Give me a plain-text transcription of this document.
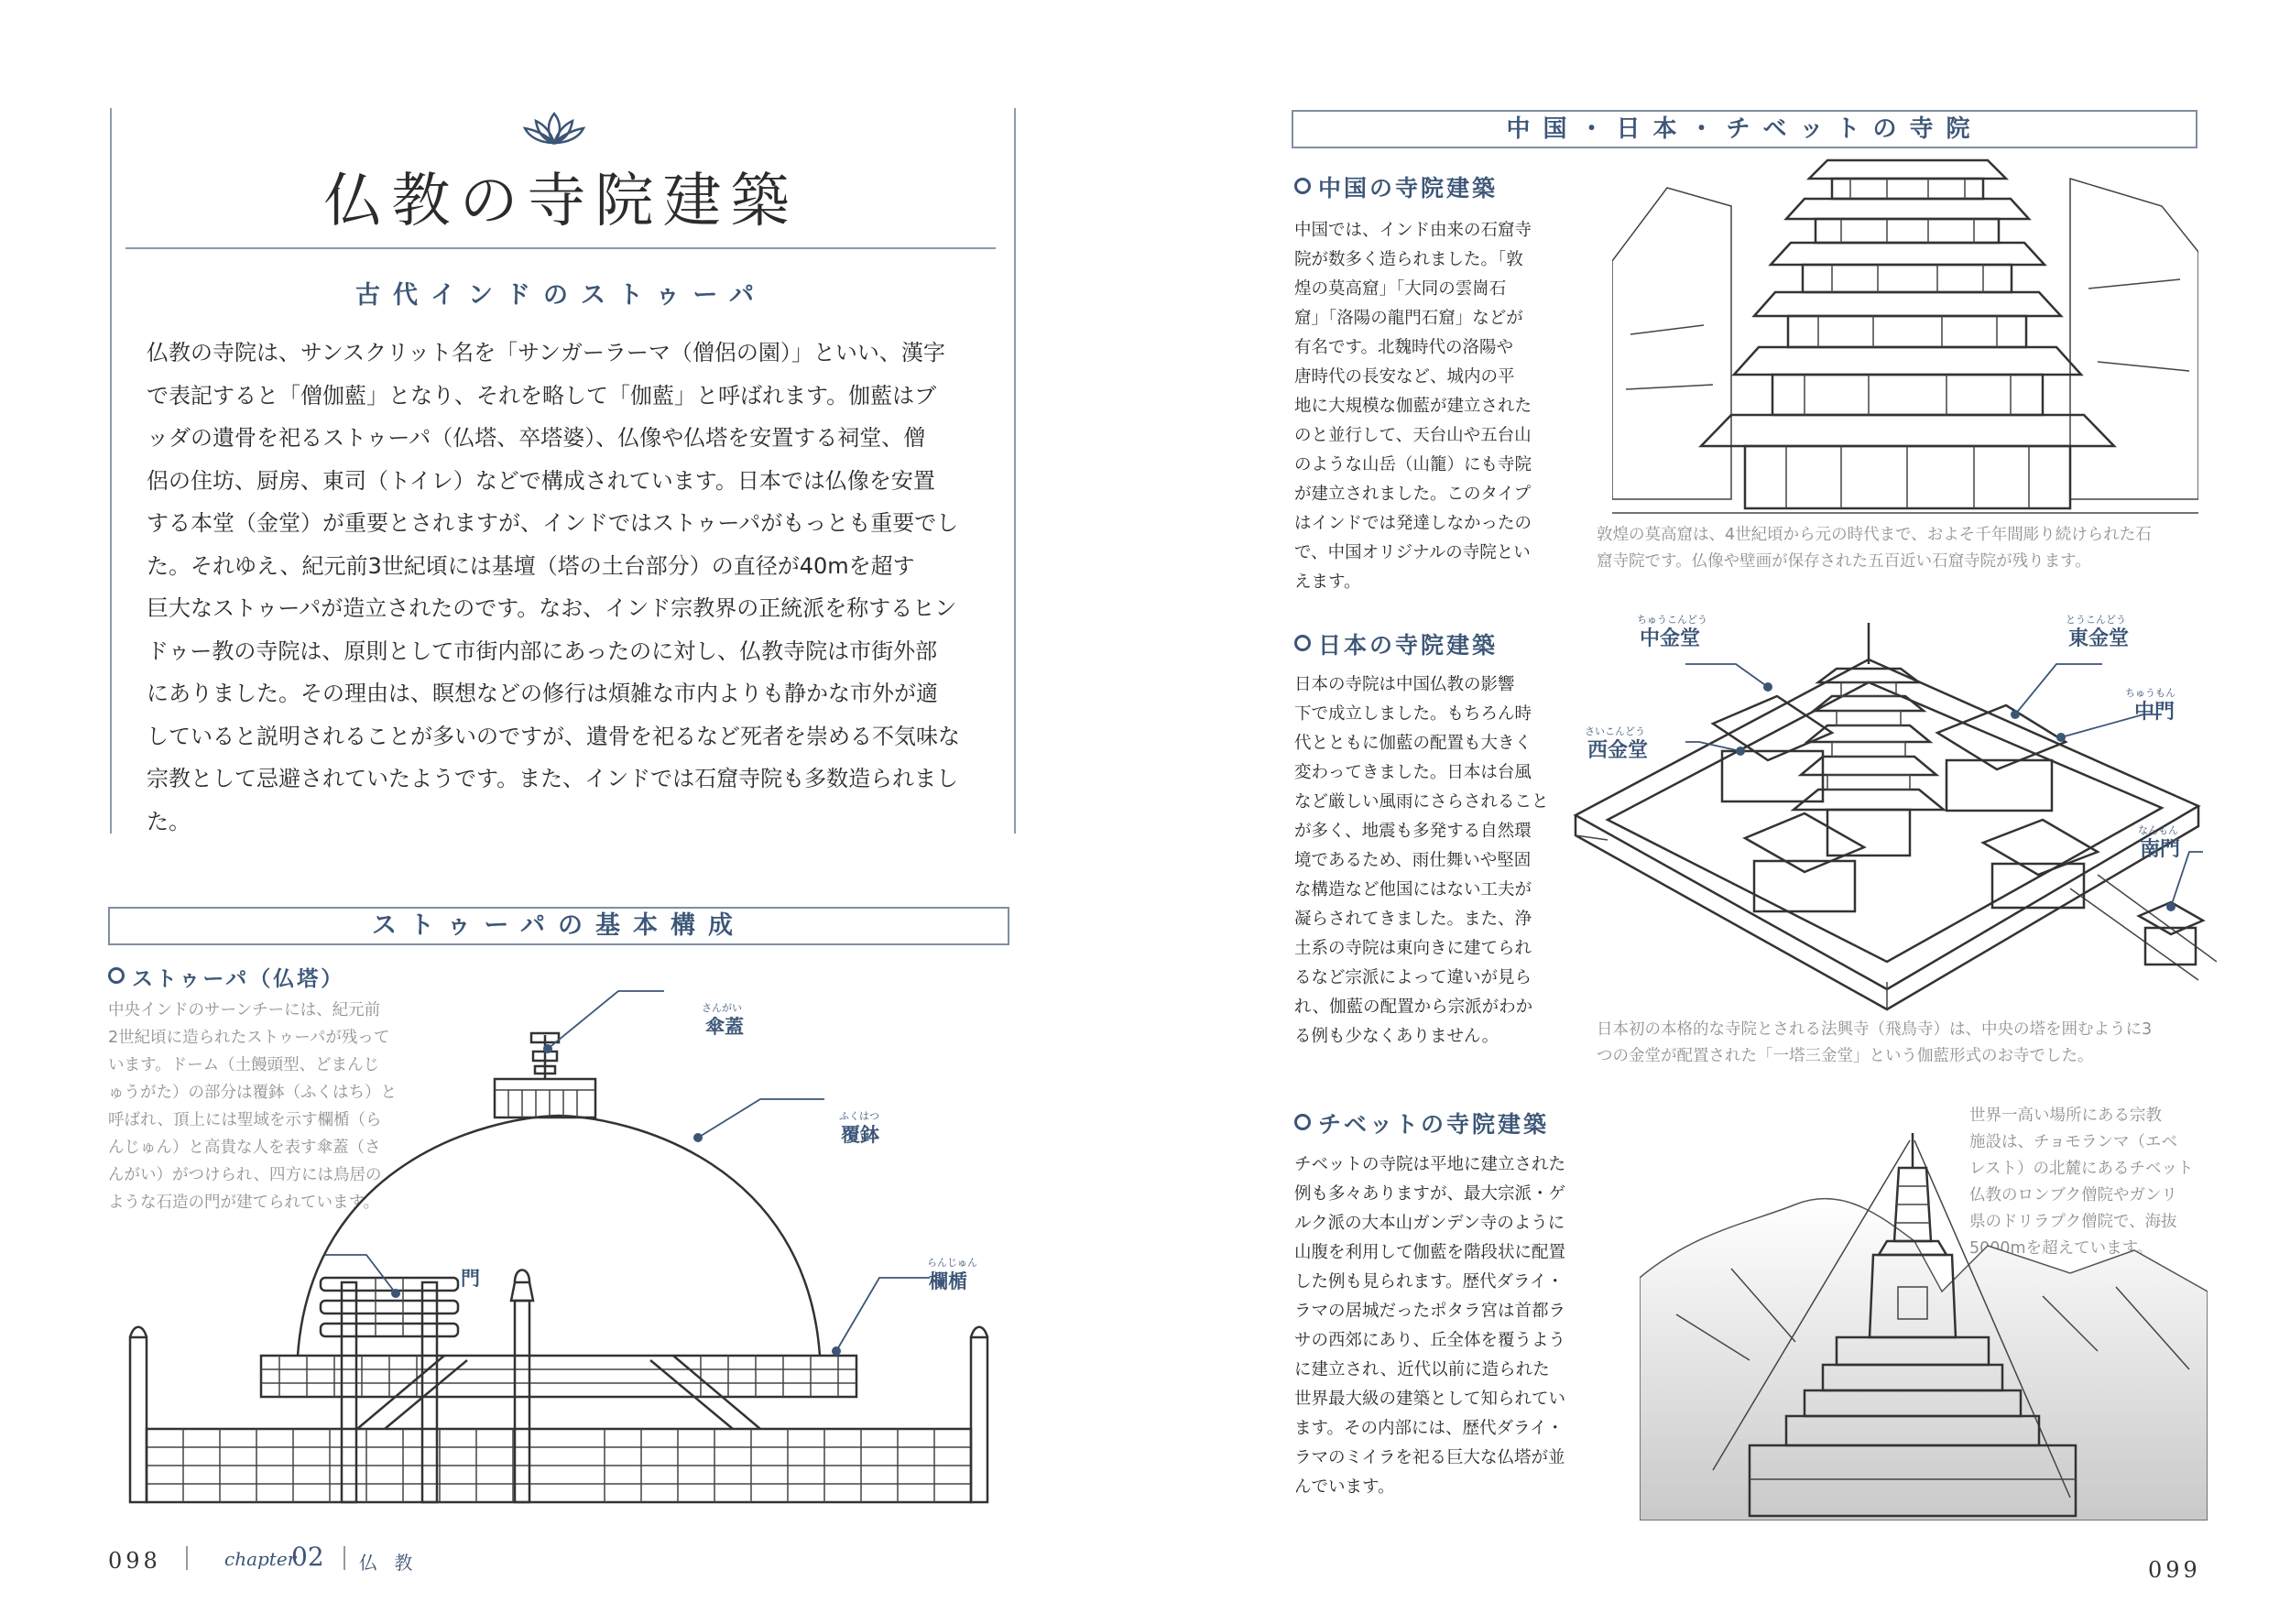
仏教の寺院建築
古代インドのストゥーパ
仏教の寺院は、サンスクリット名を「サンガーラーマ（僧侶の園）」といい、漢字
で表記すると「僧伽藍」となり、それを略して「伽藍」と呼ばれます。伽藍はブ
ッダの遺骨を祀るストゥーパ（仏塔、卒塔婆）、仏像や仏塔を安置する祠堂、僧
侶の住坊、厨房、東司（トイレ）などで構成されています。日本では仏像を安置
する本堂（金堂）が重要とされますが、インドではストゥーパがもっとも重要でし
た。それゆえ、紀元前3世紀頃には基壇（塔の土台部分）の直径が40mを超す
巨大なストゥーパが造立されたのです。なお、インド宗教界の正統派を称するヒン
ドゥー教の寺院は、原則として市街内部にあったのに対し、仏教寺院は市街外部
にありました。その理由は、瞑想などの修行は煩雑な市内よりも静かな市外が適
していると説明されることが多いのですが、遺骨を祀るなど死者を崇める不気味な
宗教として忌避されていたようです。また、インドでは石窟寺院も多数造られまし
た。
ストゥーパの基本構成
ストゥーパ（仏塔）
中央インドのサーンチーには、紀元前
2世紀頃に造られたストゥーパが残って
います。ドーム（土饅頭型、どまんじ
ゅうがた）の部分は覆鉢（ふくはち）と
呼ばれ、頂上には聖域を示す欄楯（ら
んじゅん）と高貴な人を表す傘蓋（さ
んがい）がつけられ、四方には鳥居の
ような石造の門が建てられています。
さんがい
傘蓋
ふくはつ
覆鉢
門
らんじゅん
欄楯
098	chapter
02 仏 教
中国・日本・チベットの寺院
中国の寺院建築
中国では、インド由来の石窟寺
院が数多く造られました。「敦
煌の莫高窟」「大同の雲崗石
窟」「洛陽の龍門石窟」などが
有名です。北魏時代の洛陽や
唐時代の長安など、城内の平
地に大規模な伽藍が建立された
のと並行して、天台山や五台山
のような山岳（山籠）にも寺院
が建立されました。このタイプ
はインドでは発達しなかったの
で、中国オリジナルの寺院とい
えます。
敦煌の莫高窟は、4世紀頃から元の時代まで、およそ千年間彫り続けられた石
窟寺院です。仏像や壁画が保存された五百近い石窟寺院が残ります。
日本の寺院建築
日本の寺院は中国仏教の影響
下で成立しました。もちろん時
代とともに伽藍の配置も大きく
変わってきました。日本は台風
など厳しい風雨にさらされること
が多く、地震も多発する自然環
境であるため、雨仕舞いや堅固
な構造など他国にはない工夫が
凝らされてきました。また、浄
土系の寺院は東向きに建てられ
るなど宗派によって違いが見ら
れ、伽藍の配置から宗派がわか
る例も少なくありません。
ちゅうこんどう
中金堂
とうこんどう
東金堂
ちゅうもん
中門
さいこんどう
西金堂
なんもん
南門
日本初の本格的な寺院とされる法興寺（飛鳥寺）は、中央の塔を囲むように3
つの金堂が配置された「一塔三金堂」という伽藍形式のお寺でした。
チベットの寺院建築
チベットの寺院は平地に建立された
例も多々ありますが、最大宗派・ゲ
ルク派の大本山ガンデン寺のように
山腹を利用して伽藍を階段状に配置
した例も見られます。歴代ダライ・
ラマの居城だったポタラ宮は首都ラ
サの西郊にあり、丘全体を覆うよう
に建立され、近代以前に造られた
世界最大級の建築として知られてい
ます。その内部には、歴代ダライ・
ラマのミイラを祀る巨大な仏塔が並
んでいます。
世界一高い場所にある宗教
施設は、チョモランマ（エベ
レスト）の北麓にあるチベット
仏教のロンブク僧院やガンリ
県のドリラプク僧院で、海抜
5000mを超えています。
099
